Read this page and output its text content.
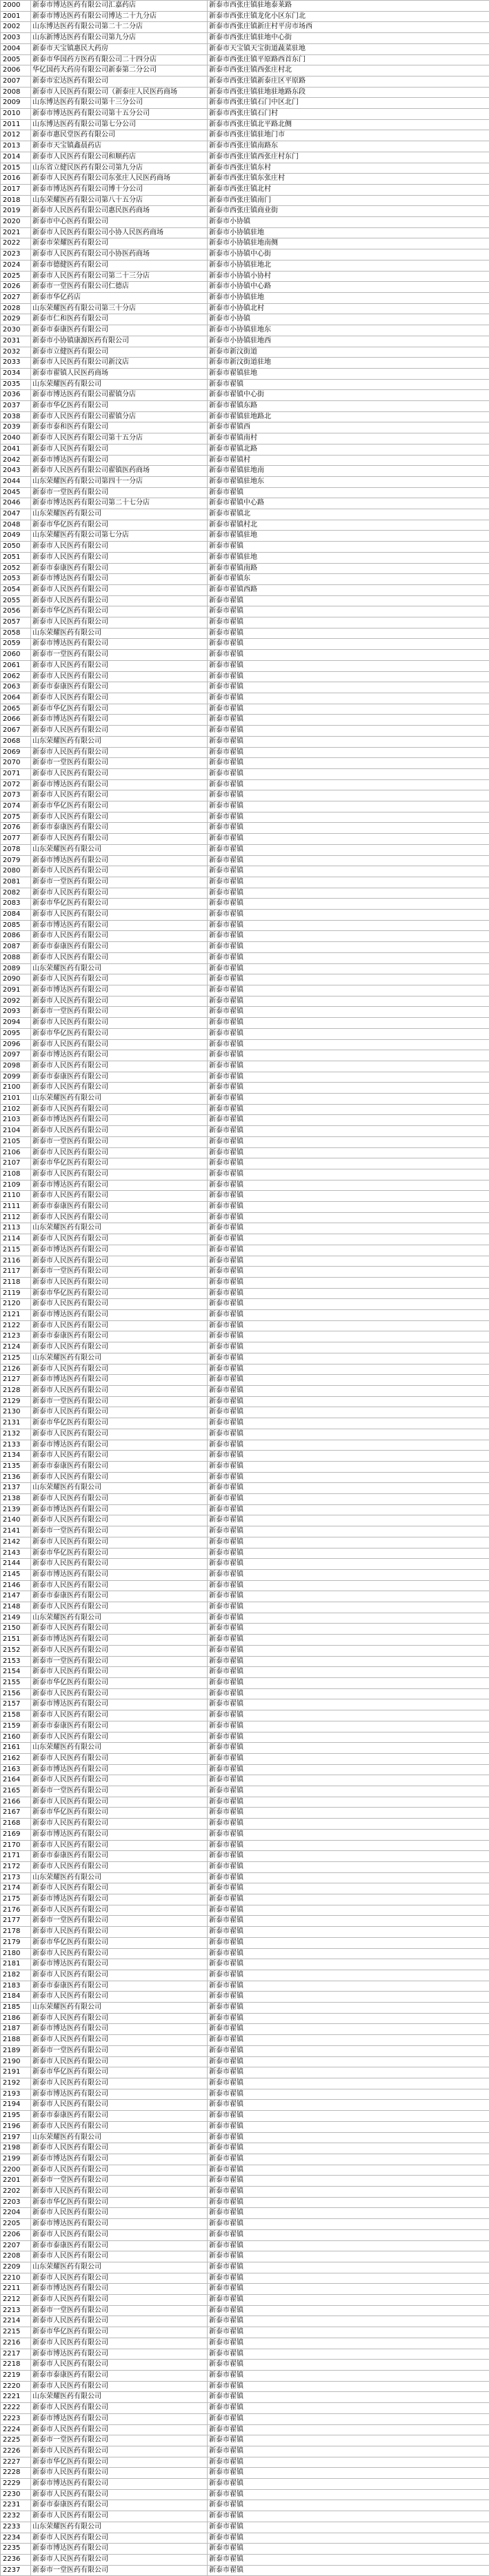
2000	新泰市博达医药有限公司汇嘉药店	新泰市西张庄镇驻地泰莱路
2001	新泰市博达医药有限公司博达二十九分店	新泰市西张庄镇龙化小区东门北
2002	山东博达医药有限公司第二十二分店	新泰市西张庄镇新庄村平房市场西
2003	山东新博达医药有限公司第九分店	新泰市西张庄镇驻地中心街
2004	新泰市天宝镇惠民大药房	新泰市天宝镇天宝街道蔬菜驻地
2005	新泰市华国药方医药有限公司二十四分店	新泰市西张庄镇平原路西首东门
2006	华亿国药大药房有限公司新泰第二分公司	新泰市西张庄镇西张庄村北
2007	新泰市宏达医药有限公司	新泰市西张庄镇新泰庄区平原路
2008	新泰市人民医药有限公司（新泰庄人民医药商场	新泰市西张庄镇驻地驻地路东段
2009	山东博达医药有限公司第十三分公司	新泰市西张庄镇石门中区北门
2010	新泰市博达医药有限公司第十五分公司	新泰市西张庄镇石门村
2011	山东博达医药有限公司第七分公司	新泰市西张庄镇北平路北侧
2012	新泰市惠民堂医药有限公司	新泰市西张庄镇驻地门市
2013	新泰市天宝镇鑫晨药店	新泰市西张庄镇南路东
2014	新泰市人民医药有限公司和顺药店	新泰市西张庄镇西张庄村东门
2015	山东省立健民医药有限公司第九分店	新泰市西张庄镇东村
2016	新泰市人民医药有限公司东张庄人民医药商场	新泰市西张庄镇东张庄村
2017	新泰市博达医药有限公司博十分公司	新泰市西张庄镇北村
2018	山东荣耀医药有限公司第八十五分店	新泰市西张庄镇南门
2019	新泰市人民医药有限公司惠民医药商场	新泰市西张庄镇商业街
2020	新泰市中心医药有限公司	新泰市小协镇
2021	新泰市人民医药有限公司小协人民医药商场	新泰市小协镇驻地
2022	新泰市荣耀医药有限公司	新泰市小协镇驻地南侧
2023	新泰市人民医药有限公司小协医药商场	新泰市小协镇中心街
2024	新泰市德健医药有限公司	新泰市小协镇驻地北
2025	新泰市人民医药有限公司第二十三分店	新泰市小协镇小协村
2026	新泰市一堂医药有限公司仁德店	新泰市小协镇中心路
2027	新泰市华亿药店	新泰市小协镇驻地
2028	山东荣耀医药有限公司第三十分店	新泰市小协镇北村
2029	新泰市仁和医药有限公司	新泰市小协镇
2030	新泰市泰康医药有限公司	新泰市小协镇驻地东
2031	新泰市小协镇康源医药有限公司	新泰市小协镇驻地西
2032	新泰市立健医药有限公司	新泰市新汶街道
2033	新泰市人民医药有限公司新汶店	新泰市新汶街道驻地
2034	新泰市翟镇人民医药商场	新泰市翟镇驻地
2035	山东荣耀医药有限公司	新泰市翟镇
2036	新泰市博达医药有限公司翟镇分店	新泰市翟镇中心街
2037	新泰市华亿医药有限公司	新泰市翟镇东路
2038	新泰市人民医药有限公司翟镇分店	新泰市翟镇驻地路北
2039	新泰市泰和医药有限公司	新泰市翟镇西
2040	新泰市人民医药有限公司第十五分店	新泰市翟镇南村
2041	新泰市人民医药有限公司	新泰市翟镇北路
2042	新泰市博达医药有限公司	新泰市翟镇村
2043	新泰市人民医药有限公司翟镇医药商场	新泰市翟镇驻地南
2044	山东荣耀医药有限公司第四十一分店	新泰市翟镇驻地东
2045	新泰市一堂医药有限公司	新泰市翟镇
2046	新泰市博达医药有限公司第二十七分店	新泰市翟镇中心路
2047	山东荣耀医药有限公司	新泰市翟镇北
2048	新泰市华亿医药有限公司	新泰市翟镇村北
2049	山东荣耀医药有限公司第七分店	新泰市翟镇驻地
2050	新泰市人民医药有限公司	新泰市翟镇
2051	新泰市人民医药有限公司	新泰市翟镇驻地
2052	新泰市泰康医药有限公司	新泰市翟镇南路
2053	新泰市博达医药有限公司	新泰市翟镇东
2054	新泰市人民医药有限公司	新泰市翟镇西路
2055	新泰市人民医药有限公司	新泰市翟镇
2056	新泰市华亿医药有限公司	新泰市翟镇
2057	新泰市人民医药有限公司	新泰市翟镇
2058	山东荣耀医药有限公司	新泰市翟镇
2059	新泰市博达医药有限公司	新泰市翟镇
2060	新泰市一堂医药有限公司	新泰市翟镇
2061	新泰市人民医药有限公司	新泰市翟镇
2062	新泰市人民医药有限公司	新泰市翟镇
2063	新泰市泰康医药有限公司	新泰市翟镇
2064	新泰市人民医药有限公司	新泰市翟镇
2065	新泰市华亿医药有限公司	新泰市翟镇
2066	新泰市博达医药有限公司	新泰市翟镇
2067	新泰市人民医药有限公司	新泰市翟镇
2068	山东荣耀医药有限公司	新泰市翟镇
2069	新泰市人民医药有限公司	新泰市翟镇
2070	新泰市一堂医药有限公司	新泰市翟镇
2071	新泰市人民医药有限公司	新泰市翟镇
2072	新泰市博达医药有限公司	新泰市翟镇
2073	新泰市人民医药有限公司	新泰市翟镇
2074	新泰市华亿医药有限公司	新泰市翟镇
2075	新泰市人民医药有限公司	新泰市翟镇
2076	新泰市泰康医药有限公司	新泰市翟镇
2077	新泰市人民医药有限公司	新泰市翟镇
2078	山东荣耀医药有限公司	新泰市翟镇
2079	新泰市博达医药有限公司	新泰市翟镇
2080	新泰市人民医药有限公司	新泰市翟镇
2081	新泰市一堂医药有限公司	新泰市翟镇
2082	新泰市人民医药有限公司	新泰市翟镇
2083	新泰市华亿医药有限公司	新泰市翟镇
2084	新泰市人民医药有限公司	新泰市翟镇
2085	新泰市博达医药有限公司	新泰市翟镇
2086	新泰市人民医药有限公司	新泰市翟镇
2087	新泰市泰康医药有限公司	新泰市翟镇
2088	新泰市人民医药有限公司	新泰市翟镇
2089	山东荣耀医药有限公司	新泰市翟镇
2090	新泰市人民医药有限公司	新泰市翟镇
2091	新泰市博达医药有限公司	新泰市翟镇
2092	新泰市人民医药有限公司	新泰市翟镇
2093	新泰市一堂医药有限公司	新泰市翟镇
2094	新泰市人民医药有限公司	新泰市翟镇
2095	新泰市华亿医药有限公司	新泰市翟镇
2096	新泰市人民医药有限公司	新泰市翟镇
2097	新泰市博达医药有限公司	新泰市翟镇
2098	新泰市人民医药有限公司	新泰市翟镇
2099	新泰市泰康医药有限公司	新泰市翟镇
2100	新泰市人民医药有限公司	新泰市翟镇
2101	山东荣耀医药有限公司	新泰市翟镇
2102	新泰市人民医药有限公司	新泰市翟镇
2103	新泰市博达医药有限公司	新泰市翟镇
2104	新泰市人民医药有限公司	新泰市翟镇
2105	新泰市一堂医药有限公司	新泰市翟镇
2106	新泰市人民医药有限公司	新泰市翟镇
2107	新泰市华亿医药有限公司	新泰市翟镇
2108	新泰市人民医药有限公司	新泰市翟镇
2109	新泰市博达医药有限公司	新泰市翟镇
2110	新泰市人民医药有限公司	新泰市翟镇
2111	新泰市泰康医药有限公司	新泰市翟镇
2112	新泰市人民医药有限公司	新泰市翟镇
2113	山东荣耀医药有限公司	新泰市翟镇
2114	新泰市人民医药有限公司	新泰市翟镇
2115	新泰市博达医药有限公司	新泰市翟镇
2116	新泰市人民医药有限公司	新泰市翟镇
2117	新泰市一堂医药有限公司	新泰市翟镇
2118	新泰市人民医药有限公司	新泰市翟镇
2119	新泰市华亿医药有限公司	新泰市翟镇
2120	新泰市人民医药有限公司	新泰市翟镇
2121	新泰市博达医药有限公司	新泰市翟镇
2122	新泰市人民医药有限公司	新泰市翟镇
2123	新泰市泰康医药有限公司	新泰市翟镇
2124	新泰市人民医药有限公司	新泰市翟镇
2125	山东荣耀医药有限公司	新泰市翟镇
2126	新泰市人民医药有限公司	新泰市翟镇
2127	新泰市博达医药有限公司	新泰市翟镇
2128	新泰市人民医药有限公司	新泰市翟镇
2129	新泰市一堂医药有限公司	新泰市翟镇
2130	新泰市人民医药有限公司	新泰市翟镇
2131	新泰市华亿医药有限公司	新泰市翟镇
2132	新泰市人民医药有限公司	新泰市翟镇
2133	新泰市博达医药有限公司	新泰市翟镇
2134	新泰市人民医药有限公司	新泰市翟镇
2135	新泰市泰康医药有限公司	新泰市翟镇
2136	新泰市人民医药有限公司	新泰市翟镇
2137	山东荣耀医药有限公司	新泰市翟镇
2138	新泰市人民医药有限公司	新泰市翟镇
2139	新泰市博达医药有限公司	新泰市翟镇
2140	新泰市人民医药有限公司	新泰市翟镇
2141	新泰市一堂医药有限公司	新泰市翟镇
2142	新泰市人民医药有限公司	新泰市翟镇
2143	新泰市华亿医药有限公司	新泰市翟镇
2144	新泰市人民医药有限公司	新泰市翟镇
2145	新泰市博达医药有限公司	新泰市翟镇
2146	新泰市人民医药有限公司	新泰市翟镇
2147	新泰市泰康医药有限公司	新泰市翟镇
2148	新泰市人民医药有限公司	新泰市翟镇
2149	山东荣耀医药有限公司	新泰市翟镇
2150	新泰市人民医药有限公司	新泰市翟镇
2151	新泰市博达医药有限公司	新泰市翟镇
2152	新泰市人民医药有限公司	新泰市翟镇
2153	新泰市一堂医药有限公司	新泰市翟镇
2154	新泰市人民医药有限公司	新泰市翟镇
2155	新泰市华亿医药有限公司	新泰市翟镇
2156	新泰市人民医药有限公司	新泰市翟镇
2157	新泰市博达医药有限公司	新泰市翟镇
2158	新泰市人民医药有限公司	新泰市翟镇
2159	新泰市泰康医药有限公司	新泰市翟镇
2160	新泰市人民医药有限公司	新泰市翟镇
2161	山东荣耀医药有限公司	新泰市翟镇
2162	新泰市人民医药有限公司	新泰市翟镇
2163	新泰市博达医药有限公司	新泰市翟镇
2164	新泰市人民医药有限公司	新泰市翟镇
2165	新泰市一堂医药有限公司	新泰市翟镇
2166	新泰市人民医药有限公司	新泰市翟镇
2167	新泰市华亿医药有限公司	新泰市翟镇
2168	新泰市人民医药有限公司	新泰市翟镇
2169	新泰市博达医药有限公司	新泰市翟镇
2170	新泰市人民医药有限公司	新泰市翟镇
2171	新泰市泰康医药有限公司	新泰市翟镇
2172	新泰市人民医药有限公司	新泰市翟镇
2173	山东荣耀医药有限公司	新泰市翟镇
2174	新泰市人民医药有限公司	新泰市翟镇
2175	新泰市博达医药有限公司	新泰市翟镇
2176	新泰市人民医药有限公司	新泰市翟镇
2177	新泰市一堂医药有限公司	新泰市翟镇
2178	新泰市人民医药有限公司	新泰市翟镇
2179	新泰市华亿医药有限公司	新泰市翟镇
2180	新泰市人民医药有限公司	新泰市翟镇
2181	新泰市博达医药有限公司	新泰市翟镇
2182	新泰市人民医药有限公司	新泰市翟镇
2183	新泰市泰康医药有限公司	新泰市翟镇
2184	新泰市人民医药有限公司	新泰市翟镇
2185	山东荣耀医药有限公司	新泰市翟镇
2186	新泰市人民医药有限公司	新泰市翟镇
2187	新泰市博达医药有限公司	新泰市翟镇
2188	新泰市人民医药有限公司	新泰市翟镇
2189	新泰市一堂医药有限公司	新泰市翟镇
2190	新泰市人民医药有限公司	新泰市翟镇
2191	新泰市华亿医药有限公司	新泰市翟镇
2192	新泰市人民医药有限公司	新泰市翟镇
2193	新泰市博达医药有限公司	新泰市翟镇
2194	新泰市人民医药有限公司	新泰市翟镇
2195	新泰市泰康医药有限公司	新泰市翟镇
2196	新泰市人民医药有限公司	新泰市翟镇
2197	山东荣耀医药有限公司	新泰市翟镇
2198	新泰市人民医药有限公司	新泰市翟镇
2199	新泰市博达医药有限公司	新泰市翟镇
2200	新泰市人民医药有限公司	新泰市翟镇
2201	新泰市一堂医药有限公司	新泰市翟镇
2202	新泰市人民医药有限公司	新泰市翟镇
2203	新泰市华亿医药有限公司	新泰市翟镇
2204	新泰市人民医药有限公司	新泰市翟镇
2205	新泰市博达医药有限公司	新泰市翟镇
2206	新泰市人民医药有限公司	新泰市翟镇
2207	新泰市泰康医药有限公司	新泰市翟镇
2208	新泰市人民医药有限公司	新泰市翟镇
2209	山东荣耀医药有限公司	新泰市翟镇
2210	新泰市人民医药有限公司	新泰市翟镇
2211	新泰市博达医药有限公司	新泰市翟镇
2212	新泰市人民医药有限公司	新泰市翟镇
2213	新泰市一堂医药有限公司	新泰市翟镇
2214	新泰市人民医药有限公司	新泰市翟镇
2215	新泰市华亿医药有限公司	新泰市翟镇
2216	新泰市人民医药有限公司	新泰市翟镇
2217	新泰市博达医药有限公司	新泰市翟镇
2218	新泰市人民医药有限公司	新泰市翟镇
2219	新泰市泰康医药有限公司	新泰市翟镇
2220	新泰市人民医药有限公司	新泰市翟镇
2221	山东荣耀医药有限公司	新泰市翟镇
2222	新泰市人民医药有限公司	新泰市翟镇
2223	新泰市博达医药有限公司	新泰市翟镇
2224	新泰市人民医药有限公司	新泰市翟镇
2225	新泰市一堂医药有限公司	新泰市翟镇
2226	新泰市人民医药有限公司	新泰市翟镇
2227	新泰市华亿医药有限公司	新泰市翟镇
2228	新泰市人民医药有限公司	新泰市翟镇
2229	新泰市博达医药有限公司	新泰市翟镇
2230	新泰市人民医药有限公司	新泰市翟镇
2231	新泰市泰康医药有限公司	新泰市翟镇
2232	新泰市人民医药有限公司	新泰市翟镇
2233	山东荣耀医药有限公司	新泰市翟镇
2234	新泰市人民医药有限公司	新泰市翟镇
2235	新泰市博达医药有限公司	新泰市翟镇
2236	新泰市人民医药有限公司	新泰市翟镇
2237	新泰市一堂医药有限公司	新泰市翟镇
